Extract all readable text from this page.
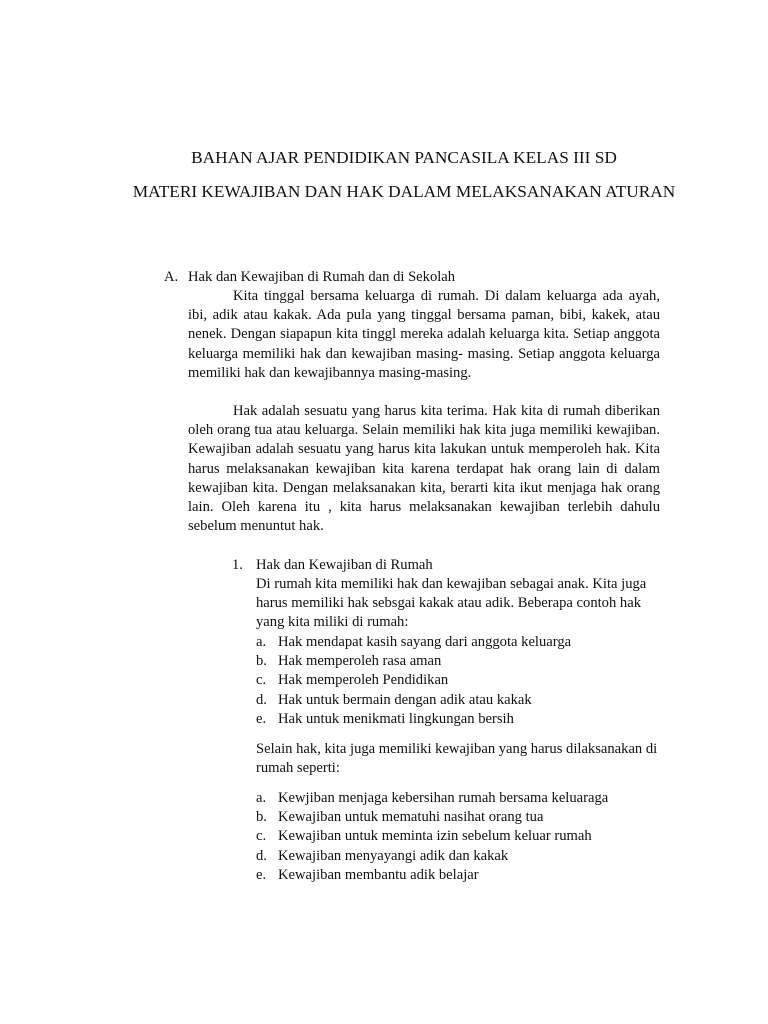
BAHAN AJAR PENDIDIKAN PANCASILA KELAS III SD
MATERI KEWAJIBAN DAN HAK DALAM MELAKSANAKAN ATURAN
A. Hak dan Kewajiban di Rumah dan di Sekolah

Kita tinggal bersama keluarga di rumah. Di dalam keluarga ada ayah, ibi, adik atau kakak. Ada pula yang tinggal bersama paman, bibi, kakek, atau nenek. Dengan siapapun kita tinggl mereka adalah keluarga kita. Setiap anggota keluarga memiliki hak dan kewajiban masing- masing. Setiap anggota keluarga memiliki hak dan kewajibannya masing-masing.

Hak adalah sesuatu yang harus kita terima. Hak kita di rumah diberikan oleh orang tua atau keluarga. Selain memiliki hak kita juga memiliki kewajiban. Kewajiban adalah sesuatu yang harus kita lakukan untuk memperoleh hak. Kita harus melaksanakan kewajiban kita karena terdapat hak orang lain di dalam kewajiban kita. Dengan melaksanakan kita, berarti kita ikut menjaga hak orang lain. Oleh karena itu , kita harus melaksanakan kewajiban terlebih dahulu sebelum menuntut hak.

1. Hak dan Kewajiban di Rumah

Di rumah kita memiliki hak dan kewajiban sebagai anak. Kita juga harus memiliki hak sebsgai kakak atau adik. Beberapa contoh hak yang kita miliki di rumah:

a. Hak mendapat kasih sayang dari anggota keluarga
b. Hak memperoleh rasa aman
c. Hak memperoleh Pendidikan
d. Hak untuk bermain dengan adik atau kakak
e. Hak untuk menikmati lingkungan bersih

Selain hak, kita juga memiliki kewajiban yang harus dilaksanakan di rumah seperti:

a. Kewjiban menjaga kebersihan rumah bersama keluaraga
b. Kewajiban untuk mematuhi nasihat orang tua
c. Kewajiban untuk meminta izin sebelum keluar rumah
d. Kewajiban menyayangi adik dan kakak
e. Kewajiban membantu adik belajar
